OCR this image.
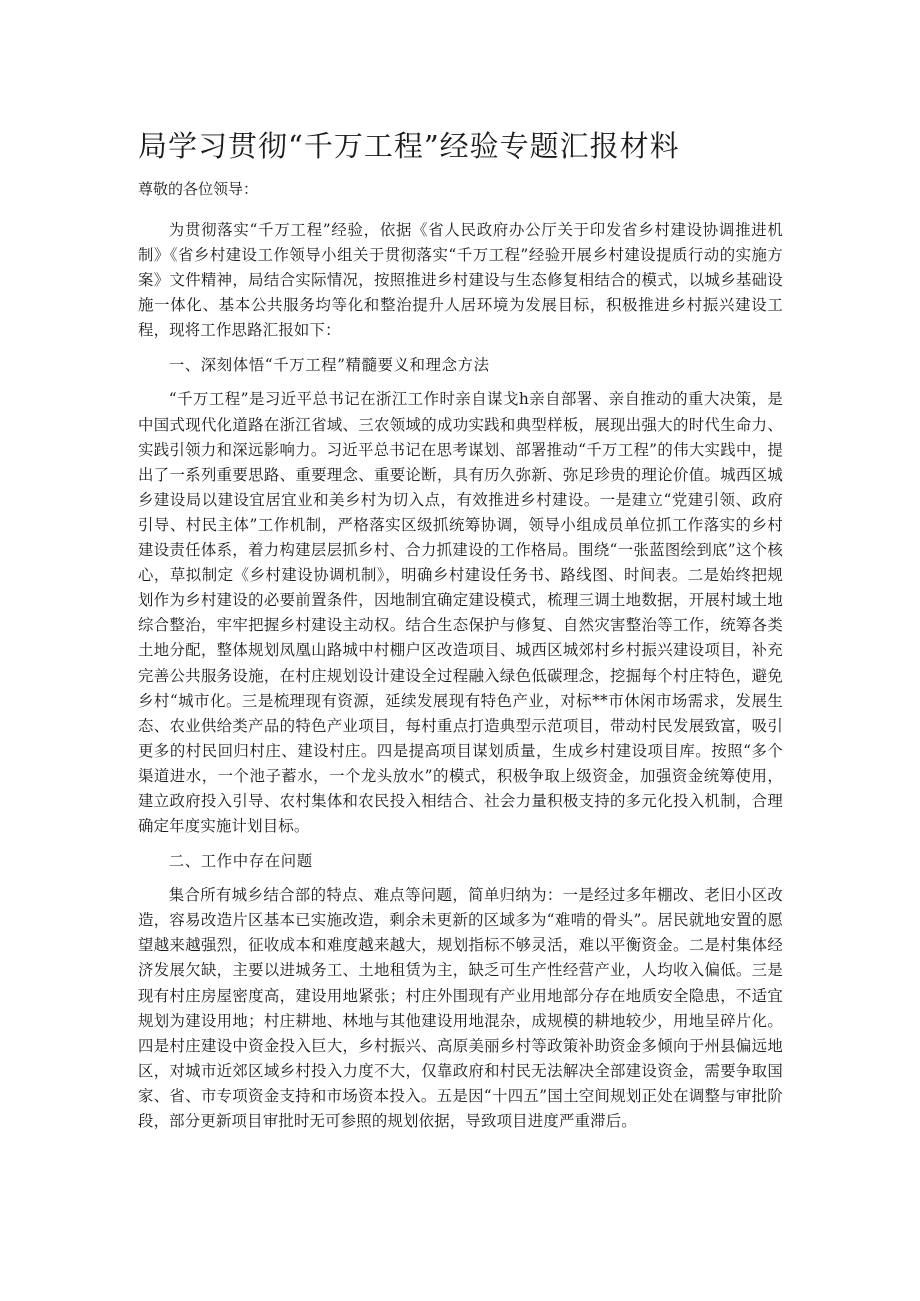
局学习贯彻“千万工程”经验专题汇报材料

尊敬的各位领导：

为贯彻落实“千万工程”经验，依据《省人民政府办公厅关于印发省乡村建设协调推进机制》《省乡村建设工作领导小组关于贯彻落实“千万工程”经验开展乡村建设提质行动的实施方案》文件精神，局结合实际情况，按照推进乡村建设与生态修复相结合的模式，以城乡基础设施一体化、基本公共服务均等化和整治提升人居环境为发展目标，积极推进乡村振兴建设工程，现将工作思路汇报如下：

一、深刻体悟“千万工程”精髓要义和理念方法

“千万工程”是习近平总书记在浙江工作时亲自谋戈h亲自部署、亲自推动的重大决策，是中国式现代化道路在浙江省域、三农领域的成功实践和典型样板，展现出强大的时代生命力、实践引领力和深远影响力。习近平总书记在思考谋划、部署推动“千万工程”的伟大实践中，提出了一系列重要思路、重要理念、重要论断，具有历久弥新、弥足珍贵的理论价值。城西区城乡建设局以建设宜居宜业和美乡村为切入点，有效推进乡村建设。一是建立“党建引领、政府引导、村民主体”工作机制，严格落实区级抓统筹协调，领导小组成员单位抓工作落实的乡村建设责任体系，着力构建层层抓乡村、合力抓建设的工作格局。围绕“一张蓝图绘到底”这个核心，草拟制定《乡村建设协调机制》，明确乡村建设任务书、路线图、时间表。二是始终把规划作为乡村建设的必要前置条件，因地制宜确定建设模式，梳理三调土地数据，开展村域土地综合整治，牢牢把握乡村建设主动权。结合生态保护与修复、自然灾害整治等工作，统筹各类土地分配，整体规划凤凰山路城中村棚户区改造项目、城西区城郊村乡村振兴建设项目，补充完善公共服务设施，在村庄规划设计建设全过程融入绿色低碳理念，挖掘每个村庄特色，避免乡村“城市化。三是梳理现有资源，延续发展现有特色产业，对标**市休闲市场需求，发展生态、农业供给类产品的特色产业项目，每村重点打造典型示范项目，带动村民发展致富，吸引更多的村民回归村庄、建设村庄。四是提高项目谋划质量，生成乡村建设项目库。按照“多个渠道进水，一个池子蓄水，一个龙头放水”的模式，积极争取上级资金，加强资金统筹使用，建立政府投入引导、农村集体和农民投入相结合、社会力量积极支持的多元化投入机制，合理确定年度实施计划目标。

二、工作中存在问题

集合所有城乡结合部的特点、难点等问题，简单归纳为：一是经过多年棚改、老旧小区改造，容易改造片区基本已实施改造，剩余未更新的区域多为“难啃的骨头”。居民就地安置的愿望越来越强烈，征收成本和难度越来越大，规划指标不够灵活，难以平衡资金。二是村集体经济发展欠缺，主要以进城务工、土地租赁为主，缺乏可生产性经营产业，人均收入偏低。三是现有村庄房屋密度高，建设用地紧张；村庄外围现有产业用地部分存在地质安全隐患，不适宜规划为建设用地；村庄耕地、林地与其他建设用地混杂，成规模的耕地较少，用地呈碎片化。四是村庄建设中资金投入巨大，乡村振兴、高原美丽乡村等政策补助资金多倾向于州县偏远地区，对城市近郊区域乡村投入力度不大，仅靠政府和村民无法解决全部建设资金，需要争取国家、省、市专项资金支持和市场资本投入。五是因“十四五”国土空间规划正处在调整与审批阶段，部分更新项目审批时无可参照的规划依据，导致项目进度严重滞后。
